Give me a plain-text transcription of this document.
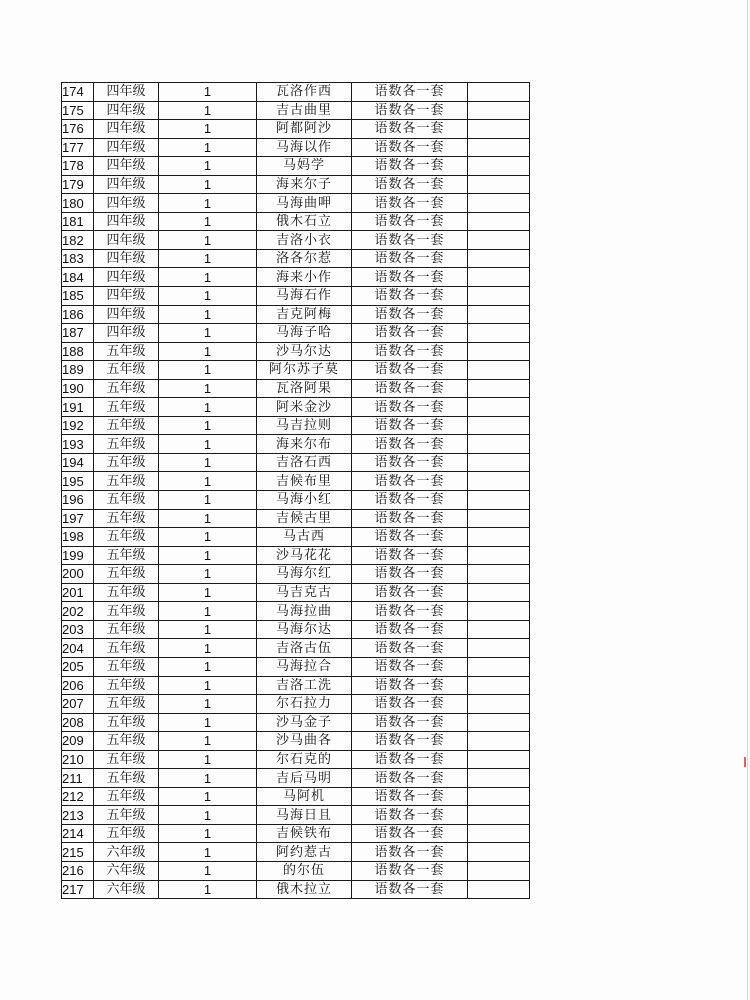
174	四年级	1	瓦洛作西	语数各一套	
175	四年级	1	吉古曲里	语数各一套	
176	四年级	1	阿都阿沙	语数各一套	
177	四年级	1	马海以作	语数各一套	
178	四年级	1	马妈学	语数各一套	
179	四年级	1	海来尔子	语数各一套	
180	四年级	1	马海曲呷	语数各一套	
181	四年级	1	俄木石立	语数各一套	
182	四年级	1	吉洛小衣	语数各一套	
183	四年级	1	洛各尔惹	语数各一套	
184	四年级	1	海来小作	语数各一套	
185	四年级	1	马海石作	语数各一套	
186	四年级	1	吉克阿梅	语数各一套	
187	四年级	1	马海子哈	语数各一套	
188	五年级	1	沙马尔达	语数各一套	
189	五年级	1	阿尔苏子莫	语数各一套	
190	五年级	1	瓦洛阿果	语数各一套	
191	五年级	1	阿米金沙	语数各一套	
192	五年级	1	马吉拉则	语数各一套	
193	五年级	1	海来尔布	语数各一套	
194	五年级	1	吉洛石西	语数各一套	
195	五年级	1	吉候布里	语数各一套	
196	五年级	1	马海小红	语数各一套	
197	五年级	1	吉候古里	语数各一套	
198	五年级	1	马古西	语数各一套	
199	五年级	1	沙马花花	语数各一套	
200	五年级	1	马海尔红	语数各一套	
201	五年级	1	马吉克古	语数各一套	
202	五年级	1	马海拉曲	语数各一套	
203	五年级	1	马海尔达	语数各一套	
204	五年级	1	吉洛古伍	语数各一套	
205	五年级	1	马海拉合	语数各一套	
206	五年级	1	吉洛工洗	语数各一套	
207	五年级	1	尔石拉力	语数各一套	
208	五年级	1	沙马金子	语数各一套	
209	五年级	1	沙马曲各	语数各一套	
210	五年级	1	尔石克的	语数各一套	
211	五年级	1	吉后马明	语数各一套	
212	五年级	1	马阿机	语数各一套	
213	五年级	1	马海日且	语数各一套	
214	五年级	1	吉候铁布	语数各一套	
215	六年级	1	阿约惹古	语数各一套	
216	六年级	1	的尔伍	语数各一套	
217	六年级	1	俄木拉立	语数各一套	
